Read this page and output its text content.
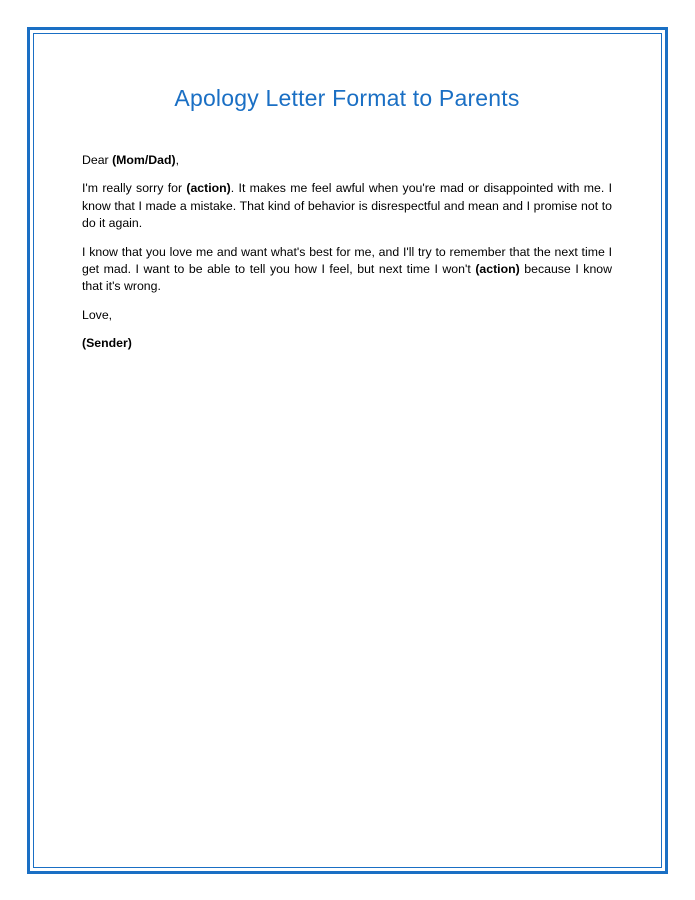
Apology Letter Format to Parents

Dear (Mom/Dad),

I'm really sorry for (action). It makes me feel awful when you're mad or disappointed with me. I know that I made a mistake. That kind of behavior is disrespectful and mean and I promise not to do it again.

I know that you love me and want what's best for me, and I'll try to remember that the next time I get mad. I want to be able to tell you how I feel, but next time I won't (action) because I know that it's wrong.

Love,

(Sender)
